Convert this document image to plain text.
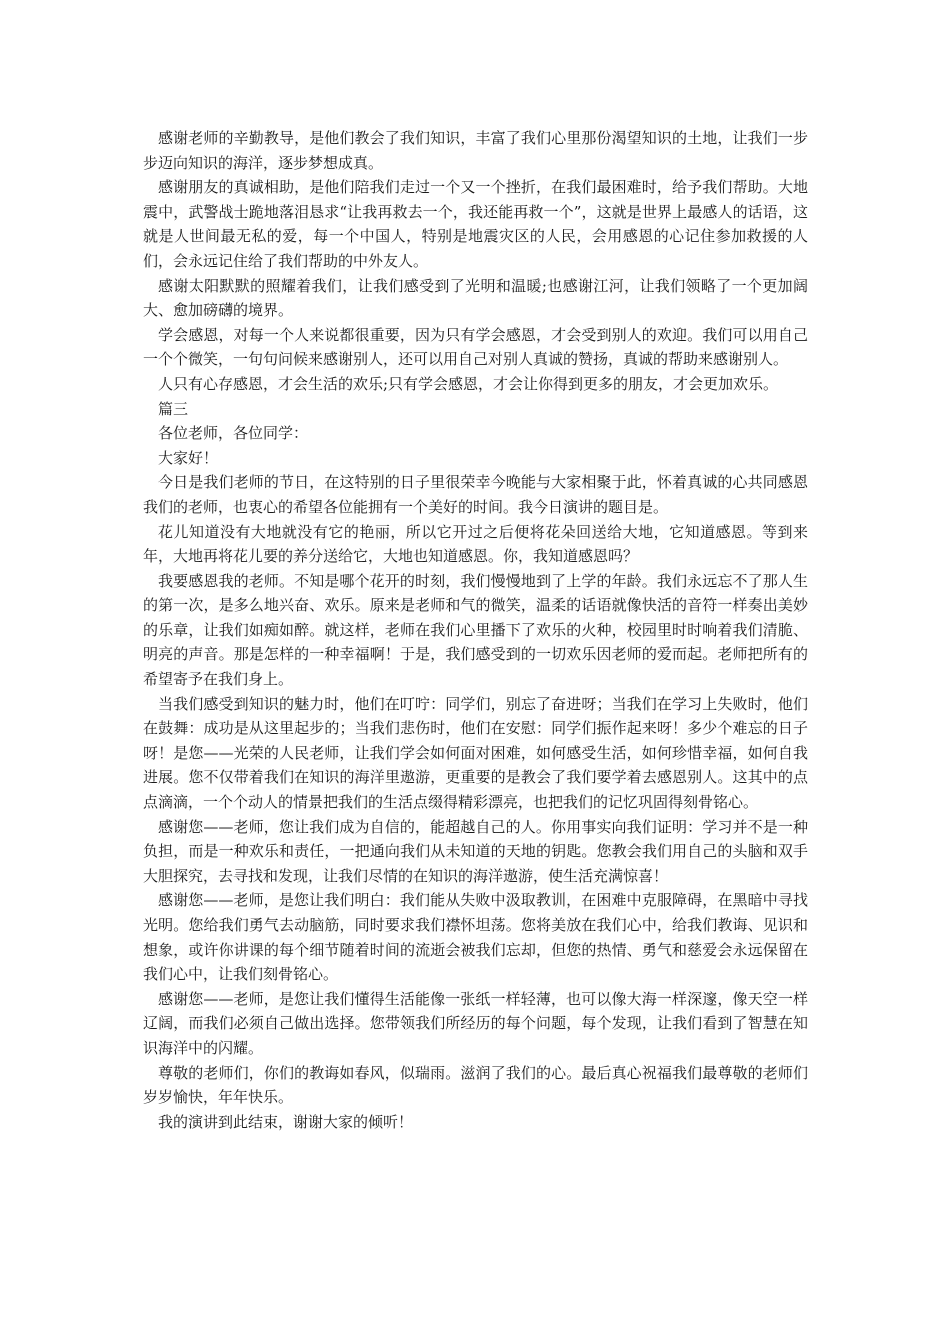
感谢老师的辛勤教导，是他们教会了我们知识，丰富了我们心里那份渴望知识的土地，让我们一步步迈向知识的海洋，逐步梦想成真。

感谢朋友的真诚相助，是他们陪我们走过一个又一个挫折，在我们最困难时，给予我们帮助。大地震中，武警战士跪地落泪恳求“让我再救去一个，我还能再救一个”，这就是世界上最感人的话语，这就是人世间最无私的爱，每一个中国人，特别是地震灾区的人民，会用感恩的心记住参加救援的人们，会永远记住给了我们帮助的中外友人。

感谢太阳默默的照耀着我们，让我们感受到了光明和温暖;也感谢江河，让我们领略了一个更加阔大、愈加磅礴的境界。

学会感恩，对每一个人来说都很重要，因为只有学会感恩，才会受到别人的欢迎。我们可以用自己一个个微笑，一句句问候来感谢别人，还可以用自己对别人真诚的赞扬，真诚的帮助来感谢别人。

人只有心存感恩，才会生活的欢乐;只有学会感恩，才会让你得到更多的朋友，才会更加欢乐。

篇三

各位老师，各位同学：

大家好！

今日是我们老师的节日，在这特别的日子里很荣幸今晚能与大家相聚于此，怀着真诚的心共同感恩我们的老师，也衷心的希望各位能拥有一个美好的时间。我今日演讲的题目是。

花儿知道没有大地就没有它的艳丽，所以它开过之后便将花朵回送给大地，它知道感恩。等到来年，大地再将花儿要的养分送给它，大地也知道感恩。你，我知道感恩吗？

我要感恩我的老师。不知是哪个花开的时刻，我们慢慢地到了上学的年龄。我们永远忘不了那人生的第一次，是多么地兴奋、欢乐。原来是老师和气的微笑，温柔的话语就像快活的音符一样奏出美妙的乐章，让我们如痴如醉。就这样，老师在我们心里播下了欢乐的火种，校园里时时响着我们清脆、明亮的声音。那是怎样的一种幸福啊！于是，我们感受到的一切欢乐因老师的爱而起。老师把所有的希望寄予在我们身上。

当我们感受到知识的魅力时，他们在叮咛：同学们，别忘了奋进呀；当我们在学习上失败时，他们在鼓舞：成功是从这里起步的；当我们悲伤时，他们在安慰：同学们振作起来呀！多少个难忘的日子呀！是您——光荣的人民老师，让我们学会如何面对困难，如何感受生活，如何珍惜幸福，如何自我进展。您不仅带着我们在知识的海洋里遨游，更重要的是教会了我们要学着去感恩别人。这其中的点点滴滴，一个个动人的情景把我们的生活点缀得精彩漂亮，也把我们的记忆巩固得刻骨铭心。

感谢您——老师，您让我们成为自信的，能超越自己的人。你用事实向我们证明：学习并不是一种负担，而是一种欢乐和责任，一把通向我们从未知道的天地的钥匙。您教会我们用自己的头脑和双手大胆探究，去寻找和发现，让我们尽情的在知识的海洋遨游，使生活充满惊喜！

感谢您——老师，是您让我们明白：我们能从失败中汲取教训，在困难中克服障碍，在黑暗中寻找光明。您给我们勇气去动脑筋，同时要求我们襟怀坦荡。您将美放在我们心中，给我们教诲、见识和想象，或许你讲课的每个细节随着时间的流逝会被我们忘却，但您的热情、勇气和慈爱会永远保留在我们心中，让我们刻骨铭心。

感谢您——老师，是您让我们懂得生活能像一张纸一样轻薄，也可以像大海一样深邃，像天空一样辽阔，而我们必须自己做出选择。您带领我们所经历的每个问题，每个发现，让我们看到了智慧在知识海洋中的闪耀。

尊敬的老师们，你们的教诲如春风，似瑞雨。滋润了我们的心。最后真心祝福我们最尊敬的老师们岁岁愉快，年年快乐。

我的演讲到此结束，谢谢大家的倾听！
